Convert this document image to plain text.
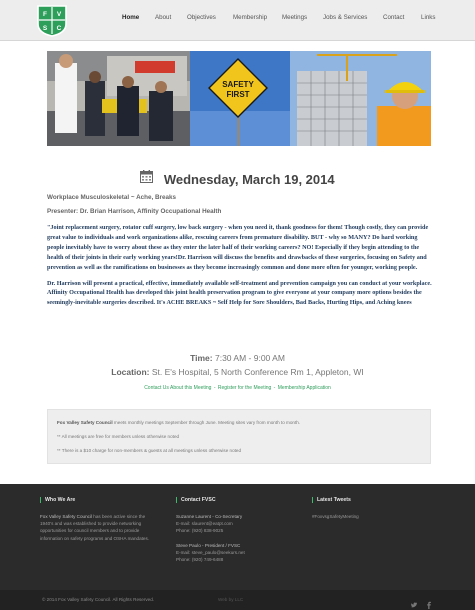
F V
S C
Home	About	Objectives	Membership Meetings	Jobs & Services	Contact	Links
SAFETY
FIRST
Wednesday, March 19, 2014
Workplace Musculoskeletal ~ Ache, Breaks
Presenter: Dr. Brian Harrison, Affinity Occupational Health

"Joint replacement surgery, rotator cuff surgery, low back surgery - when you need it, thank goodness for them! Though costly, they can provide great value to individuals and work organizations alike, rescuing careers from premature disability. BUT - why so MANY? Do hard working people inevitably have to worry about these as they enter the later half of their working careers? NO! Especially if they begin attending to the health of their joints in their early working years!Dr. Harrison will discuss the benefits and drawbacks of these surgeries, focusing on Safety and prevention as well as the ramifications on businesses as they become increasingly common and done more often for younger, working people.

Dr. Harrison will present a practical, effective, immediately available self-treatment and prevention campaign you can conduct at your workplace. Affinity Occupational Health has developed this joint health preservation program to give everyone at your company more options besides the seemingly-inevitable surgeries described. It's ACHE BREAKS ~ Self Help for Sore Shoulders, Bad Backs, Hurting Hips, and Aching knees

Time: 7:30 AM - 9:00 AM
Location: St. E's Hospital, 5 North Conference Rm 1, Appleton, WI
Contact Us About this Meeting - Register for the Meeting - Membership Application

Fox Valley Safety Council meets monthly meetings September through June. Meeting sites vary from month to month.

** All meetings are free for members unless otherwise noted

** There is a $10 charge for non-members & guests at all meetings unless otherwise noted

Who We Are

Fox Valley Safety Council has been active since the
1940's and was established to provide networking
opportunities for council members and to provide
information on safety programs and OSHA mandates.

Contact FVSC

Suzanne Laurent - Co-Secretary
E-mail: slaurent@eatpt.com
Phone: (920) 838-9025

Steve Paulo - President / FVSC
E-mail: steve_paulo@seekurs.net
Phone: (920) 749-6488

Latest Tweets

#FoxvsgSafetyMeeting

© 2014 Fox Valley Safety Council. All Rights Reserved.	Web by LLC
